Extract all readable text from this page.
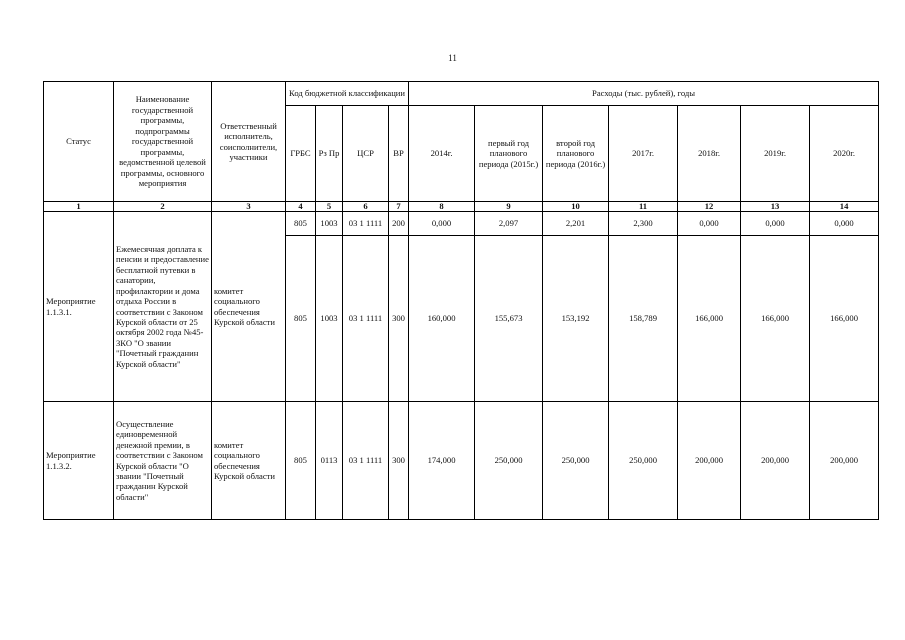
11
Статус	Наименование государственной программы, подпрограммы государственной программы, ведомственной целевой программы, основного мероприятия	Ответственный исполнитель, соисполнители, участники	Код бюджетной классификации				Расходы (тыс. рублей), годы						
			ГРБС	Рз Пр	ЦСР	ВР	2014г.	первый год планового периода (2015г.)	второй год планового периода (2016г.)	2017г.	2018г.	2019г.	2020г.
1	2	3	4	5	6	7	8	9	10	11	12	13	14
Мероприятие 1.1.3.1.	Ежемесячная доплата к пенсии и предоставление бесплатной путевки в санатории, профилактории и дома отдыха России в соответствии с Законом Курской области от 25 октября 2002 года №45-ЗКО "О звании "Почетный гражданин Курской области"	комитет социального обеспечения Курской области	805	1003	03 1 1111	200	0,000	2,097	2,201	2,300	0,000	0,000	0,000
			805	1003	03 1 1111	300	160,000	155,673	153,192	158,789	166,000	166,000	166,000
Мероприятие 1.1.3.2.	Осуществление единовременной денежной премии, в соответствии с Законом Курской области "О звании "Почетный гражданин Курской области"	комитет социального обеспечения Курской области	805	0113	03 1 1111	300	174,000	250,000	250,000	250,000	200,000	200,000	200,000
